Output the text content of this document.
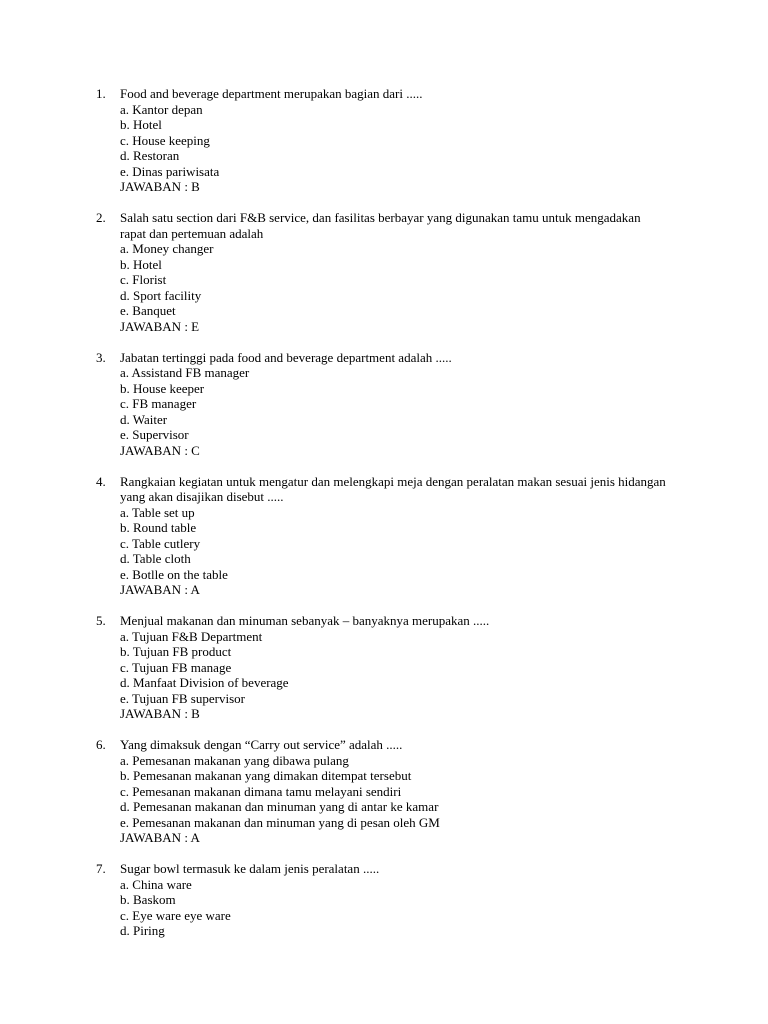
1.	Food and beverage department merupakan bagian dari .....
a. Kantor depan
b. Hotel
c. House keeping
d. Restoran
e. Dinas pariwisata
JAWABAN : B
2.	Salah satu section dari F&B service, dan fasilitas berbayar yang digunakan tamu untuk mengadakan rapat dan pertemuan adalah
a. Money changer
b. Hotel
c. Florist
d. Sport facility
e. Banquet
JAWABAN : E
3.	Jabatan tertinggi pada food and beverage department adalah .....
a. Assistand FB manager
b. House keeper
c. FB manager
d. Waiter
e. Supervisor
JAWABAN : C
4.	Rangkaian kegiatan untuk mengatur dan melengkapi meja dengan peralatan makan sesuai jenis hidangan yang akan disajikan disebut .....
a. Table set up
b. Round table
c. Table cutlery
d. Table cloth
e. Botlle on the table
JAWABAN : A
5.	Menjual makanan dan minuman sebanyak – banyaknya merupakan .....
a. Tujuan F&B Department
b. Tujuan FB product
c. Tujuan FB manage
d. Manfaat Division of beverage
e. Tujuan FB supervisor
JAWABAN : B
6.	Yang dimaksuk dengan “Carry out service” adalah .....
a. Pemesanan makanan yang dibawa pulang
b. Pemesanan makanan yang dimakan ditempat tersebut
c. Pemesanan makanan dimana tamu melayani sendiri
d. Pemesanan makanan dan minuman yang di antar ke kamar
e. Pemesanan makanan dan minuman yang di pesan oleh GM
JAWABAN : A
7.	Sugar bowl termasuk ke dalam jenis peralatan .....
a. China ware
b. Baskom
c. Eye ware eye ware
d. Piring
